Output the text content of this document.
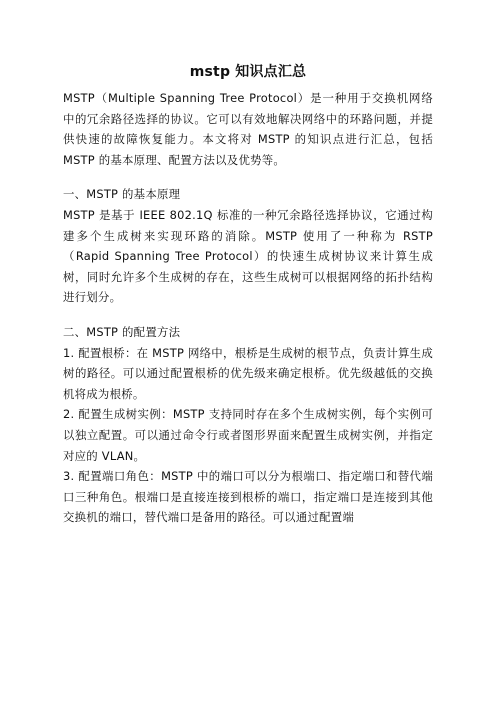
mstp 知识点汇总

MSTP（Multiple Spanning Tree Protocol）是一种用于交换机网络中的冗余路径选择的协议。它可以有效地解决网络中的环路问题，并提供快速的故障恢复能力。本文将对 MSTP 的知识点进行汇总，包括 MSTP 的基本原理、配置方法以及优势等。

一、MSTP 的基本原理

MSTP 是基于 IEEE 802.1Q 标准的一种冗余路径选择协议，它通过构建多个生成树来实现环路的消除。MSTP 使用了一种称为 RSTP（Rapid Spanning Tree Protocol）的快速生成树协议来计算生成树，同时允许多个生成树的存在，这些生成树可以根据网络的拓扑结构进行划分。

二、MSTP 的配置方法

1. 配置根桥：在 MSTP 网络中，根桥是生成树的根节点，负责计算生成树的路径。可以通过配置根桥的优先级来确定根桥。优先级越低的交换机将成为根桥。

2. 配置生成树实例：MSTP 支持同时存在多个生成树实例，每个实例可以独立配置。可以通过命令行或者图形界面来配置生成树实例，并指定对应的 VLAN。

3. 配置端口角色：MSTP 中的端口可以分为根端口、指定端口和替代端口三种角色。根端口是直接连接到根桥的端口，指定端口是连接到其他交换机的端口，替代端口是备用的路径。可以通过配置端
